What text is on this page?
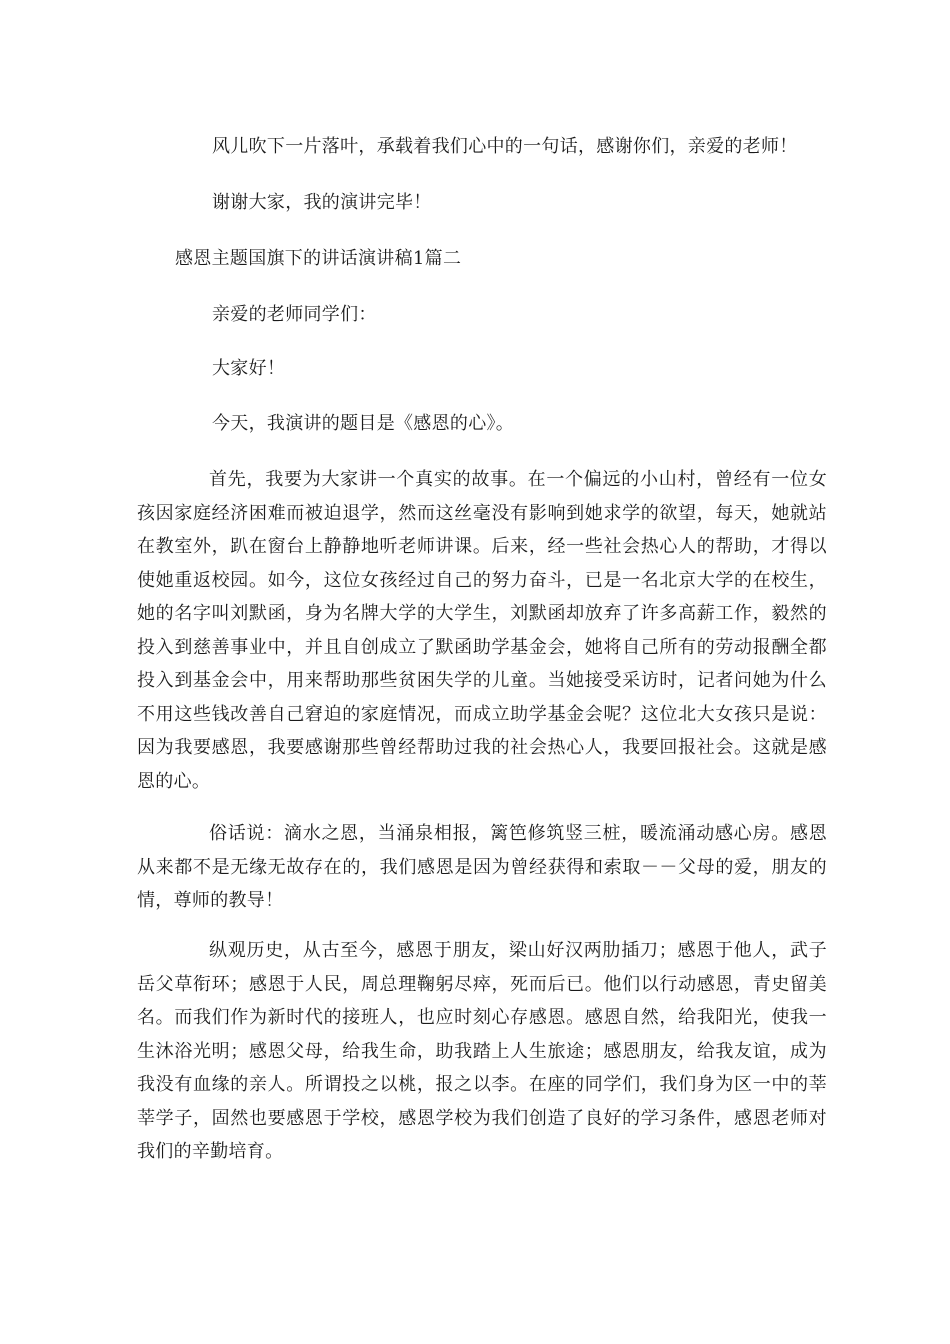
风儿吹下一片落叶，承载着我们心中的一句话，感谢你们，亲爱的老师！
谢谢大家，我的演讲完毕！
感恩主题国旗下的讲话演讲稿1篇二
亲爱的老师同学们：
大家好！
今天，我演讲的题目是《感恩的心》。
首先，我要为大家讲一个真实的故事。在一个偏远的小山村，曾经有一位女孩因家庭经济困难而被迫退学，然而这丝毫没有影响到她求学的欲望，每天，她就站在教室外，趴在窗台上静静地听老师讲课。后来，经一些社会热心人的帮助，才得以使她重返校园。如今，这位女孩经过自己的努力奋斗，已是一名北京大学的在校生，她的名字叫刘默函，身为名牌大学的大学生，刘默函却放弃了许多高薪工作，毅然的投入到慈善事业中，并且自创成立了默函助学基金会，她将自己所有的劳动报酬全都投入到基金会中，用来帮助那些贫困失学的儿童。当她接受采访时，记者问她为什么不用这些钱改善自己窘迫的家庭情况，而成立助学基金会呢？这位北大女孩只是说：因为我要感恩，我要感谢那些曾经帮助过我的社会热心人，我要回报社会。这就是感恩的心。
俗话说：滴水之恩，当涌泉相报，篱笆修筑竖三桩，暖流涌动感心房。感恩从来都不是无缘无故存在的，我们感恩是因为曾经获得和索取－－父母的爱，朋友的情，尊师的教导！
纵观历史，从古至今，感恩于朋友，梁山好汉两肋插刀；感恩于他人，武子岳父草衔环；感恩于人民，周总理鞠躬尽瘁，死而后已。他们以行动感恩，青史留美名。而我们作为新时代的接班人，也应时刻心存感恩。感恩自然，给我阳光，使我一生沐浴光明；感恩父母，给我生命，助我踏上人生旅途；感恩朋友，给我友谊，成为我没有血缘的亲人。所谓投之以桃，报之以李。在座的同学们，我们身为区一中的莘莘学子，固然也要感恩于学校，感恩学校为我们创造了良好的学习条件，感恩老师对我们的辛勤培育。
